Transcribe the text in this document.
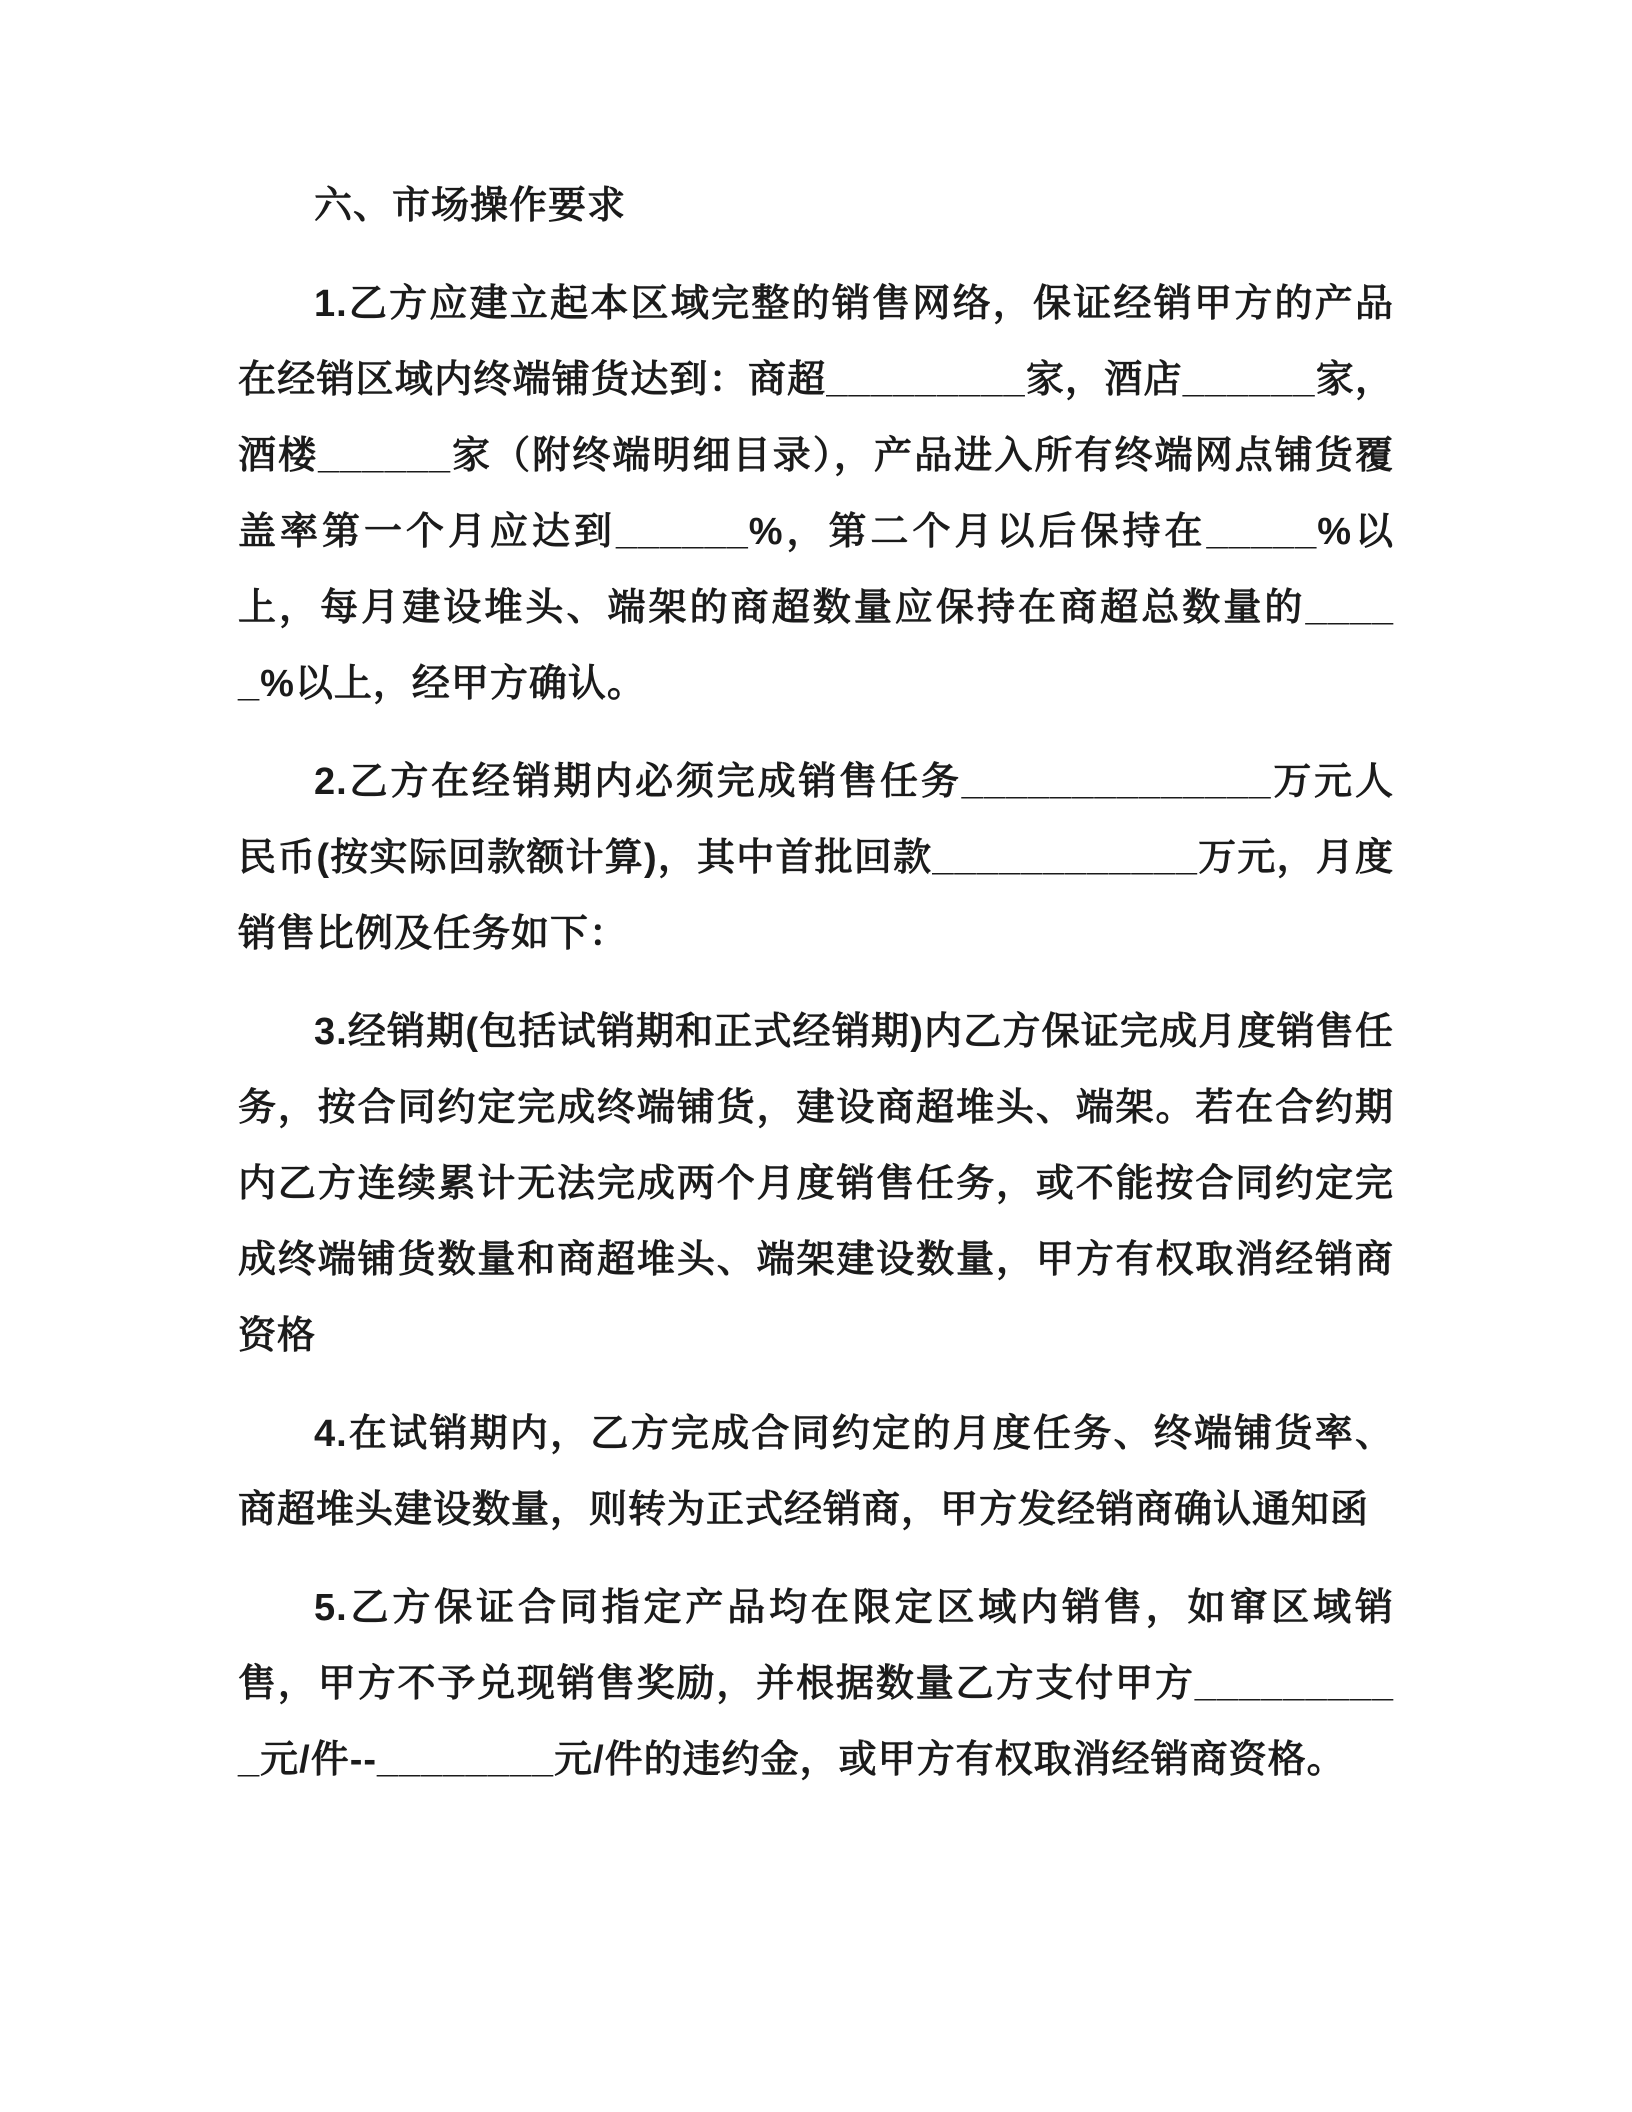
六、市场操作要求

1.乙方应建立起本区域完整的销售网络，保证经销甲方的产品在经销区域内终端铺货达到：商超_________家，酒店______家，酒楼______家（附终端明细目录），产品进入所有终端网点铺货覆盖率第一个月应达到______%，第二个月以后保持在_____%以上，每月建设堆头、端架的商超数量应保持在商超总数量的_____%以上，经甲方确认。

2.乙方在经销期内必须完成销售任务______________万元人民币(按实际回款额计算)，其中首批回款____________万元，月度销售比例及任务如下：

3.经销期(包括试销期和正式经销期)内乙方保证完成月度销售任务，按合同约定完成终端铺货，建设商超堆头、端架。若在合约期内乙方连续累计无法完成两个月度销售任务，或不能按合同约定完成终端铺货数量和商超堆头、端架建设数量，甲方有权取消经销商资格

4.在试销期内，乙方完成合同约定的月度任务、终端铺货率、商超堆头建设数量，则转为正式经销商，甲方发经销商确认通知函

5.乙方保证合同指定产品均在限定区域内销售，如窜区域销售，甲方不予兑现销售奖励，并根据数量乙方支付甲方__________元/件--________元/件的违约金，或甲方有权取消经销商资格。
